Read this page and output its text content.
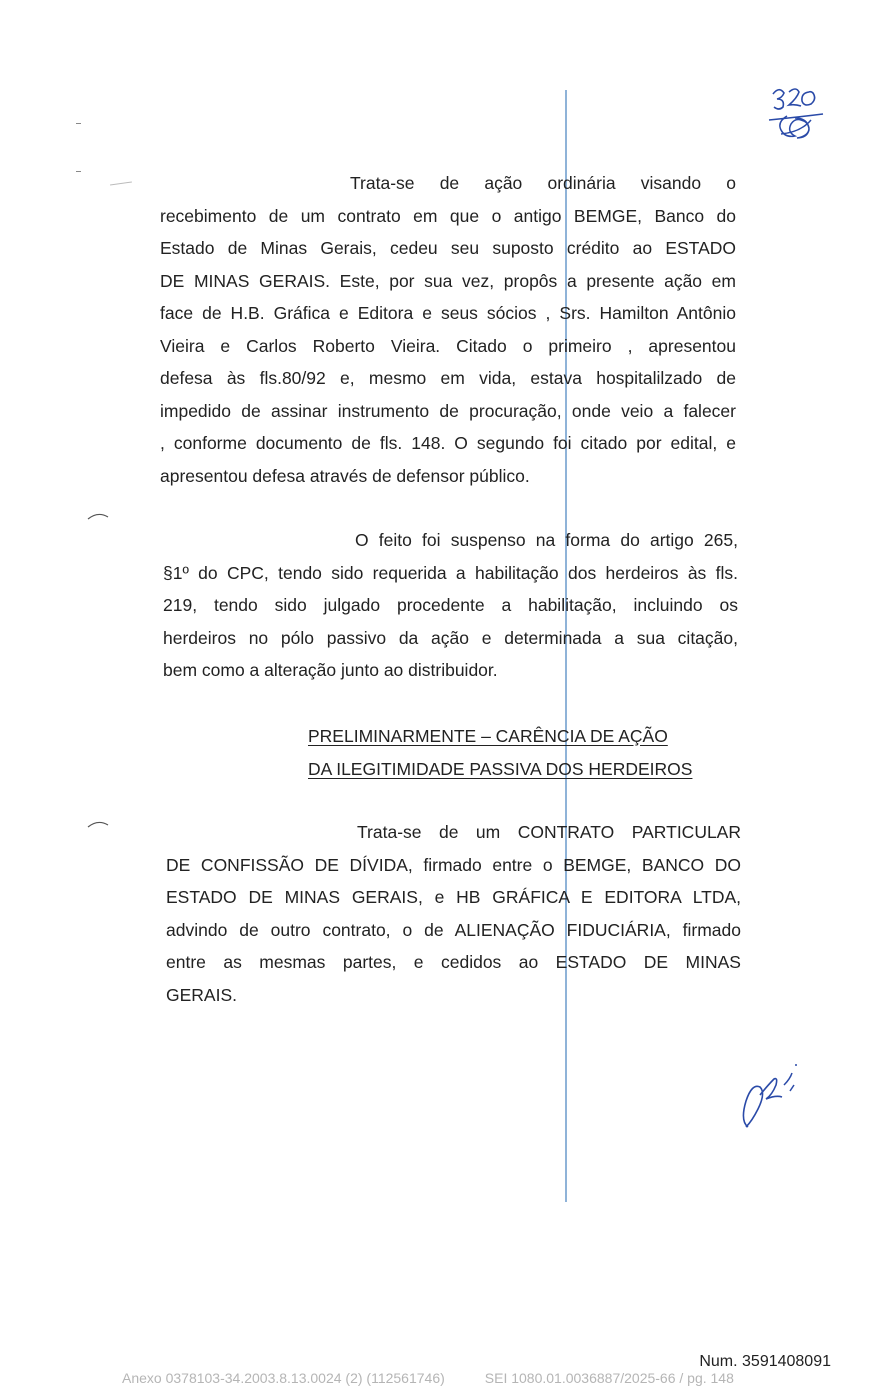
Trata-se de ação ordinária visando o
recebimento de um contrato em que o antigo BEMGE, Banco do
Estado de Minas Gerais, cedeu seu suposto crédito ao ESTADO
DE MINAS GERAIS. Este, por sua vez, propôs a presente ação em
face de H.B. Gráfica e Editora e seus sócios , Srs. Hamilton Antônio
Vieira e Carlos Roberto Vieira. Citado o primeiro , apresentou
defesa às fls.80/92 e, mesmo em vida, estava hospitalilzado de
impedido de assinar instrumento de procuração, onde veio a falecer
, conforme documento de fls. 148. O segundo foi citado por edital, e
apresentou defesa através de defensor público.
O feito foi suspenso na forma do artigo 265,
§1º do CPC, tendo sido requerida a habilitação dos herdeiros às fls.
219, tendo sido julgado procedente a habilitação, incluindo os
herdeiros no pólo passivo da ação e determinada a sua citação,
bem como a alteração junto ao distribuidor.
PRELIMINARMENTE – CARÊNCIA DE AÇÃO
DA ILEGITIMIDADE PASSIVA DOS HERDEIROS
Trata-se de um CONTRATO PARTICULAR
DE CONFISSÃO DE DÍVIDA, firmado entre o BEMGE, BANCO DO
ESTADO DE MINAS GERAIS, e HB GRÁFICA E EDITORA LTDA,
advindo de outro contrato, o de ALIENAÇÃO FIDUCIÁRIA, firmado
entre as mesmas partes, e cedidos ao ESTADO DE MINAS
GERAIS.
Num. 3591408091
Anexo 0378103-34.2003.8.13.0024 (2) (112561746)	SEI 1080.01.0036887/2025-66 / pg. 148
